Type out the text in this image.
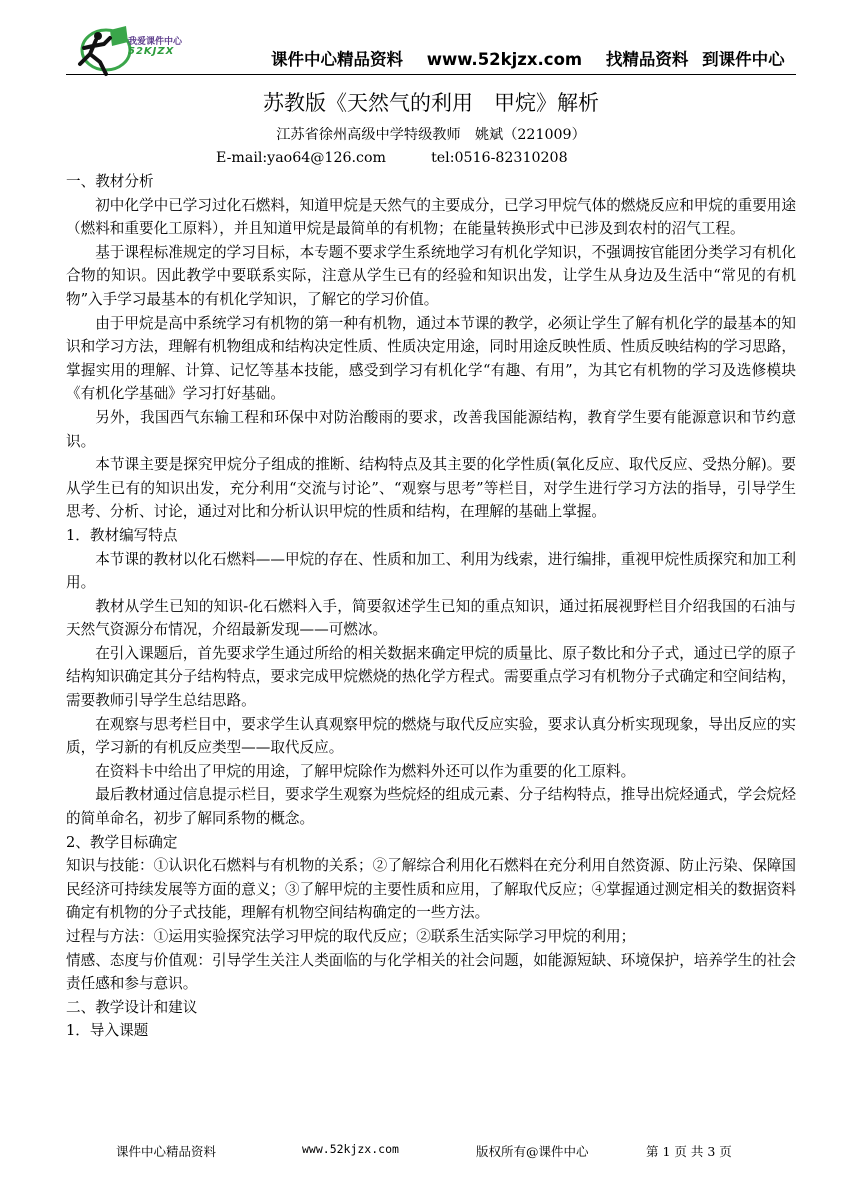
我爱课件中心
52KJZX	课件中心精品资料 www.52kjzx.com 找精品资料 到课件中心
苏教版《天然气的利用　甲烷》解析

江苏省徐州高级中学特级教师　姚斌（221009）

E-mail:yao64@126.com          tel:0516-82310208

一、教材分析

初中化学中已学习过化石燃料，知道甲烷是天然气的主要成分，已学习甲烷气体的燃烧反应和甲烷的重要用途（燃料和重要化工原料），并且知道甲烷是最简单的有机物；在能量转换形式中已涉及到农村的沼气工程。

基于课程标准规定的学习目标，本专题不要求学生系统地学习有机化学知识，不强调按官能团分类学习有机化合物的知识。因此教学中要联系实际，注意从学生已有的经验和知识出发，让学生从身边及生活中“常见的有机物”入手学习最基本的有机化学知识，了解它的学习价值。

由于甲烷是高中系统学习有机物的第一种有机物，通过本节课的教学，必须让学生了解有机化学的最基本的知识和学习方法，理解有机物组成和结构决定性质、性质决定用途，同时用途反映性质、性质反映结构的学习思路，掌握实用的理解、计算、记忆等基本技能，感受到学习有机化学“有趣、有用”，为其它有机物的学习及选修模块《有机化学基础》学习打好基础。

另外，我国西气东输工程和环保中对防治酸雨的要求，改善我国能源结构，教育学生要有能源意识和节约意识。

本节课主要是探究甲烷分子组成的推断、结构特点及其主要的化学性质(氧化反应、取代反应、受热分解)。要从学生已有的知识出发，充分利用“交流与讨论”、“观察与思考”等栏目，对学生进行学习方法的指导，引导学生思考、分析、讨论，通过对比和分析认识甲烷的性质和结构，在理解的基础上掌握。

1．教材编写特点

本节课的教材以化石燃料——甲烷的存在、性质和加工、利用为线索，进行编排，重视甲烷性质探究和加工利用。

教材从学生已知的知识-化石燃料入手，简要叙述学生已知的重点知识，通过拓展视野栏目介绍我国的石油与天然气资源分布情况，介绍最新发现——可燃冰。

在引入课题后，首先要求学生通过所给的相关数据来确定甲烷的质量比、原子数比和分子式，通过已学的原子结构知识确定其分子结构特点，要求完成甲烷燃烧的热化学方程式。需要重点学习有机物分子式确定和空间结构，需要教师引导学生总结思路。

在观察与思考栏目中，要求学生认真观察甲烷的燃烧与取代反应实验，要求认真分析实现现象，导出反应的实质，学习新的有机反应类型——取代反应。

在资料卡中给出了甲烷的用途，了解甲烷除作为燃料外还可以作为重要的化工原料。

最后教材通过信息提示栏目，要求学生观察为些烷烃的组成元素、分子结构特点，推导出烷烃通式，学会烷烃的简单命名，初步了解同系物的概念。

2、教学目标确定

知识与技能：①认识化石燃料与有机物的关系；②了解综合利用化石燃料在充分利用自然资源、防止污染、保障国民经济可持续发展等方面的意义；③了解甲烷的主要性质和应用，了解取代反应；④掌握通过测定相关的数据资料确定有机物的分子式技能，理解有机物空间结构确定的一些方法。

过程与方法：①运用实验探究法学习甲烷的取代反应；②联系生活实际学习甲烷的利用；

情感、态度与价值观：引导学生关注人类面临的与化学相关的社会问题，如能源短缺、环境保护，培养学生的社会责任感和参与意识。

二、教学设计和建议
1．导入课题
课件中心精品资料	www.52kjzx.com	版权所有@课件中心	第 1 页 共 3 页
